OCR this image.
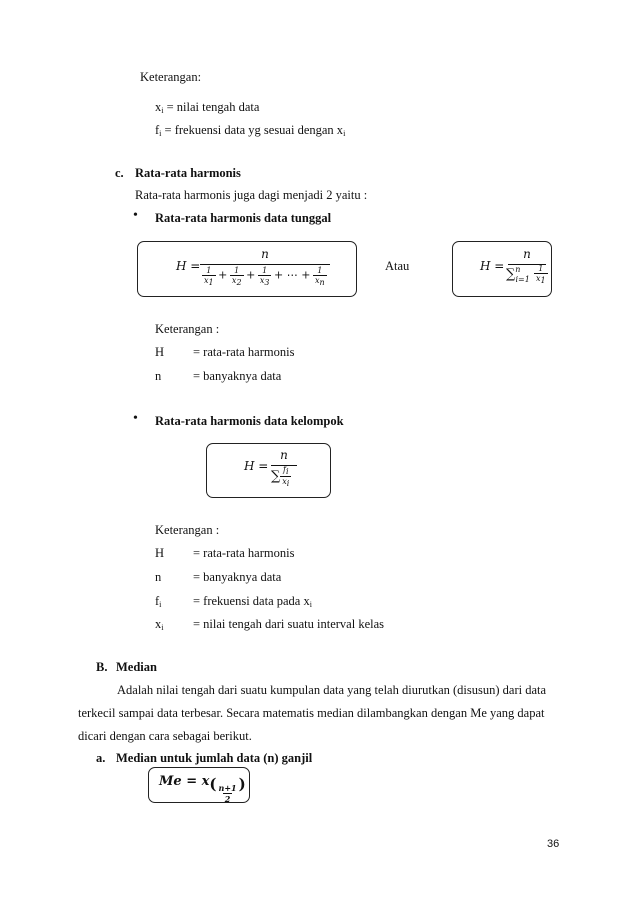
Keterangan:
$x_i$ = nilai tengah data
$f_i$ = frekuensi data yg sesuai dengan $x_i$
c. Rata-rata harmonis
Rata-rata harmonis juga dagi menjadi 2 yaitu :
• Rata-rata harmonis data tunggal
H =
n
$\frac{1}{x1} + \frac{1}{x2} + \frac{1}{x3}$ + ⋯ + $\frac{1}{xn}$	Atau	H =
n
$\sum^n_{i=1} \frac{1}{x1}$
Keterangan :
H = rata-rata harmonis
n	= banyaknya data
• Rata-rata harmonis data kelompok
H =
n
∑ $\frac{fi}{xi}$
Keterangan :
H = rata-rata harmonis
n	= banyaknya data
$f_i$	= frekuensi data pada $x_i$
$x_i$ = nilai tengah dari suatu interval kelas
B. Median
Adalah nilai tengah dari suatu kumpulan data yang telah diurutkan (disusun) dari data
terkecil sampai data terbesar. Secara matematis median dilambangkan dengan Me yang dapat
dicari dengan cara sebagai berikut.
a. Median untuk jumlah data (n) ganjil
$Me = x( \frac{n+1}{2}$ )
36
